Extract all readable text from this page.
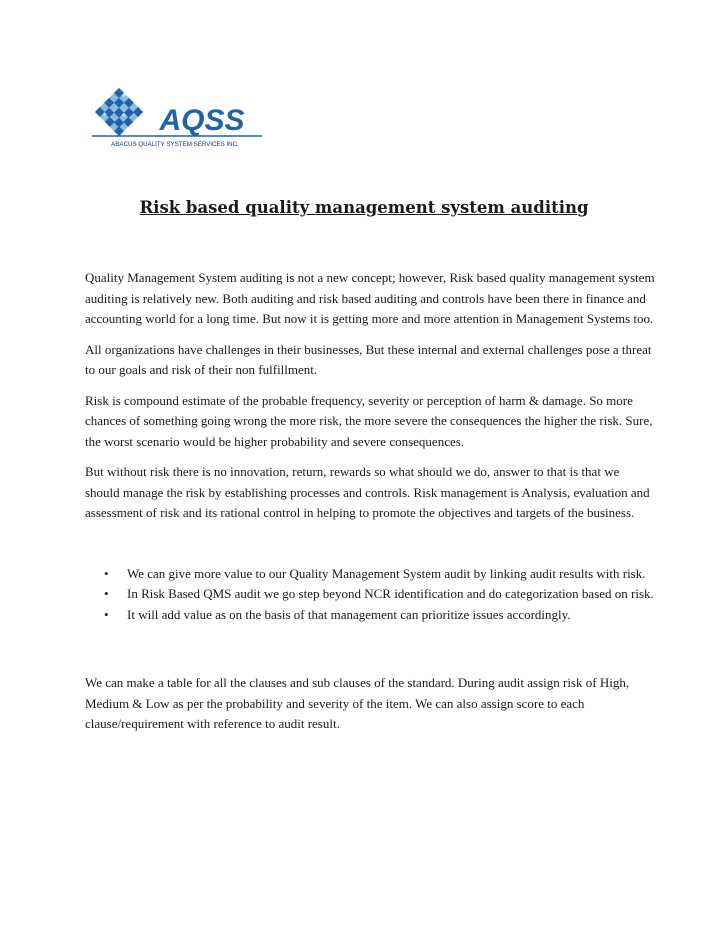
AQSS
ABACUS QUALITY SYSTEM SERVICES INC.
Risk based quality management system auditing

Quality Management System auditing is not a new concept; however, Risk based quality management system auditing is relatively new. Both auditing and risk based auditing and controls have been there in finance and accounting world for a long time. But now it is getting more and more attention in Management Systems too.

All organizations have challenges in their businesses, But these internal and external challenges pose a threat to our goals and risk of their non fulfillment.

Risk is compound estimate of the probable frequency, severity or perception of harm & damage. So more chances of something going wrong the more risk, the more severe the consequences the higher the risk. Sure, the worst scenario would be higher probability and severe consequences.

But without risk there is no innovation, return, rewards so what should we do, answer to that is that we should manage the risk by establishing processes and controls. Risk management is Analysis, evaluation and assessment of risk and its rational control in helping to promote the objectives and targets of the business.

• We can give more value to our Quality Management System audit by linking audit results with risk.
• In Risk Based QMS audit we go step beyond NCR identification and do categorization based on risk.
• It will add value as on the basis of that management can prioritize issues accordingly.

We can make a table for all the clauses and sub clauses of the standard. During audit assign risk of High, Medium & Low as per the probability and severity of the item. We can also assign score to each clause/requirement with reference to audit result.
